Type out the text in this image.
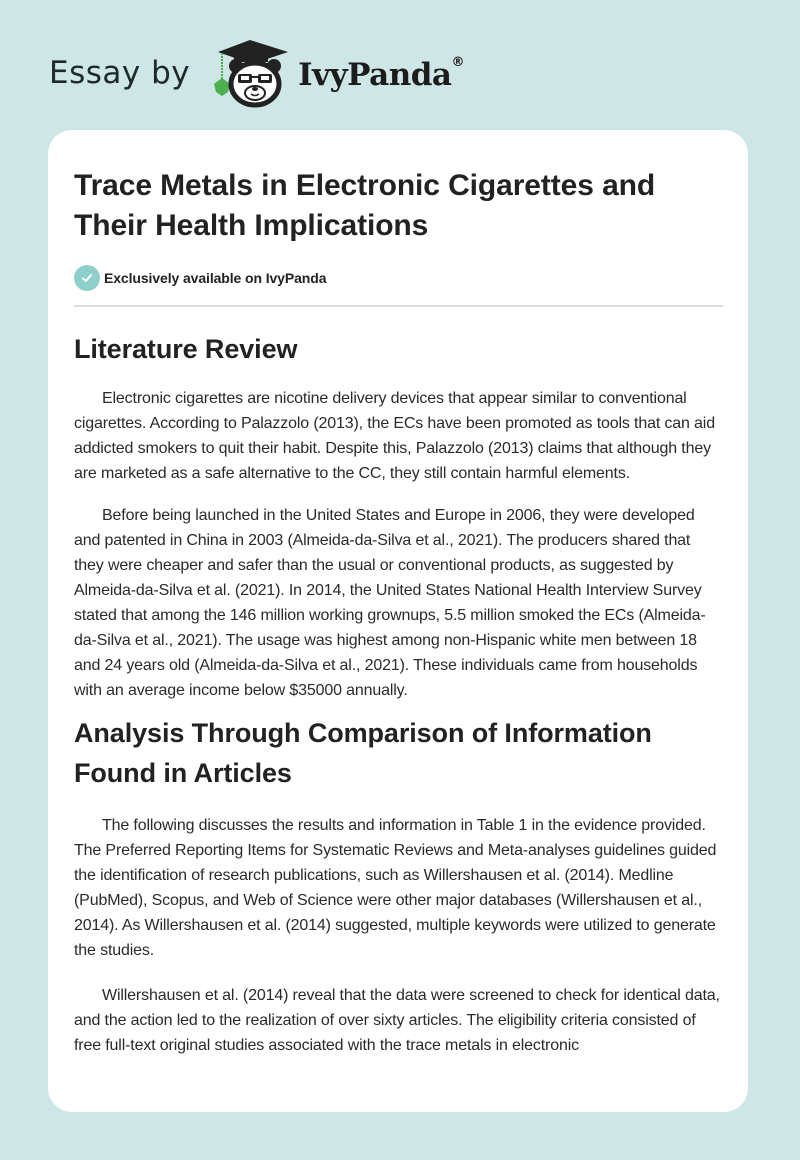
Essay by	IvyPanda®
Trace Metals in Electronic Cigarettes and Their Health Implications
Exclusively available on IvyPanda
Literature Review

Electronic cigarettes are nicotine delivery devices that appear similar to conventional cigarettes. According to Palazzolo (2013), the ECs have been promoted as tools that can aid addicted smokers to quit their habit. Despite this, Palazzolo (2013) claims that although they are marketed as a safe alternative to the CC, they still contain harmful elements.

Before being launched in the United States and Europe in 2006, they were developed and patented in China in 2003 (Almeida-da-Silva et al., 2021). The producers shared that they were cheaper and safer than the usual or conventional products, as suggested by Almeida-da-Silva et al. (2021). In 2014, the United States National Health Interview Survey stated that among the 146 million working grownups, 5.5 million smoked the ECs (Almeida-da-Silva et al., 2021). The usage was highest among non-Hispanic white men between 18 and 24 years old (Almeida-da-Silva et al., 2021). These individuals came from households with an average income below $35000 annually.

Analysis Through Comparison of Information Found in Articles

The following discusses the results and information in Table 1 in the evidence provided. The Preferred Reporting Items for Systematic Reviews and Meta-analyses guidelines guided the identification of research publications, such as Willershausen et al. (2014). Medline (PubMed), Scopus, and Web of Science were other major databases (Willershausen et al., 2014). As Willershausen et al. (2014) suggested, multiple keywords were utilized to generate the studies.

Willershausen et al. (2014) reveal that the data were screened to check for identical data, and the action led to the realization of over sixty articles. The eligibility criteria consisted of free full-text original studies associated with the trace metals in electronic
